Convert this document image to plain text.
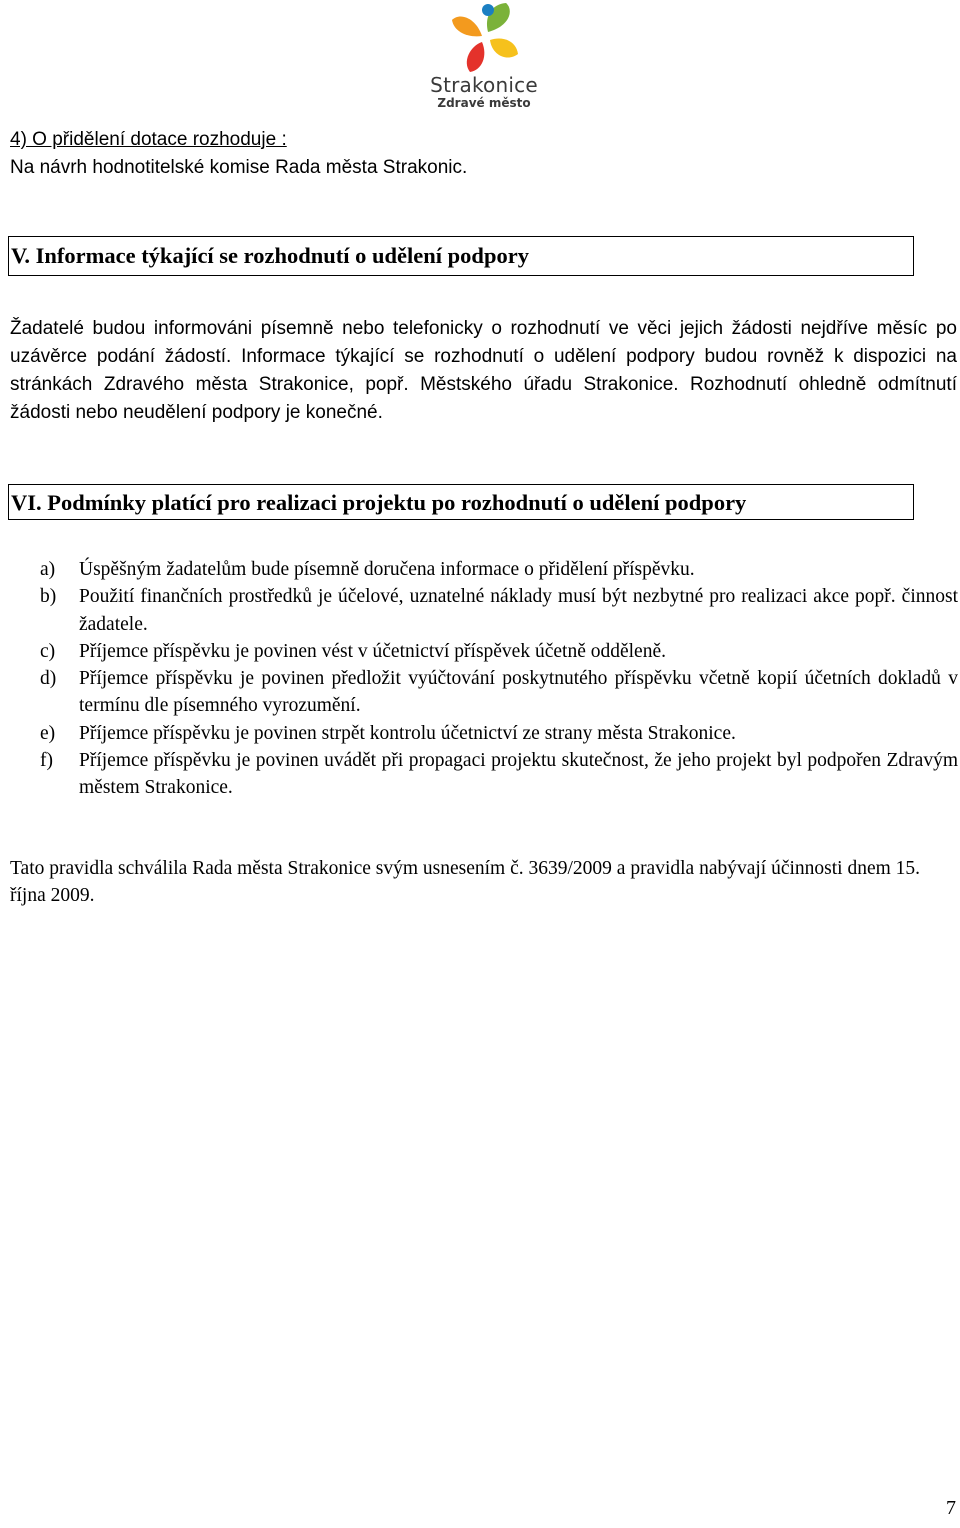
Strakonice
Zdravé město
4) O přidělení dotace rozhoduje :
Na návrh hodnotitelské komise Rada města Strakonic.
V. Informace týkající se rozhodnutí o udělení podpory
Žadatelé budou informováni písemně nebo telefonicky o rozhodnutí ve věci jejich žádosti nejdříve měsíc po uzávěrce podání žádostí. Informace týkající se rozhodnutí o udělení podpory budou rovněž k dispozici na stránkách Zdravého města Strakonice, popř. Městského úřadu Strakonice. Rozhodnutí ohledně odmítnutí žádosti nebo neudělení podpory je konečné.
VI. Podmínky platící pro realizaci projektu po rozhodnutí o udělení podpory
a) Úspěšným žadatelům bude písemně doručena informace o přidělení příspěvku.
b) Použití finančních prostředků je účelové, uznatelné náklady musí být nezbytné pro realizaci akce popř. činnost žadatele.
c) Příjemce příspěvku je povinen vést v účetnictví příspěvek účetně odděleně.
d) Příjemce příspěvku je povinen předložit vyúčtování poskytnutého příspěvku včetně kopií účetních dokladů v termínu dle písemného vyrozumění.
e) Příjemce příspěvku je povinen strpět kontrolu účetnictví ze strany města Strakonice.
f) Příjemce příspěvku je povinen uvádět při propagaci projektu skutečnost, že jeho projekt byl podpořen Zdravým městem Strakonice.
Tato pravidla schválila Rada města Strakonice svým usnesením č. 3639/2009 a pravidla nabývají účinnosti dnem 15. října 2009.
7
